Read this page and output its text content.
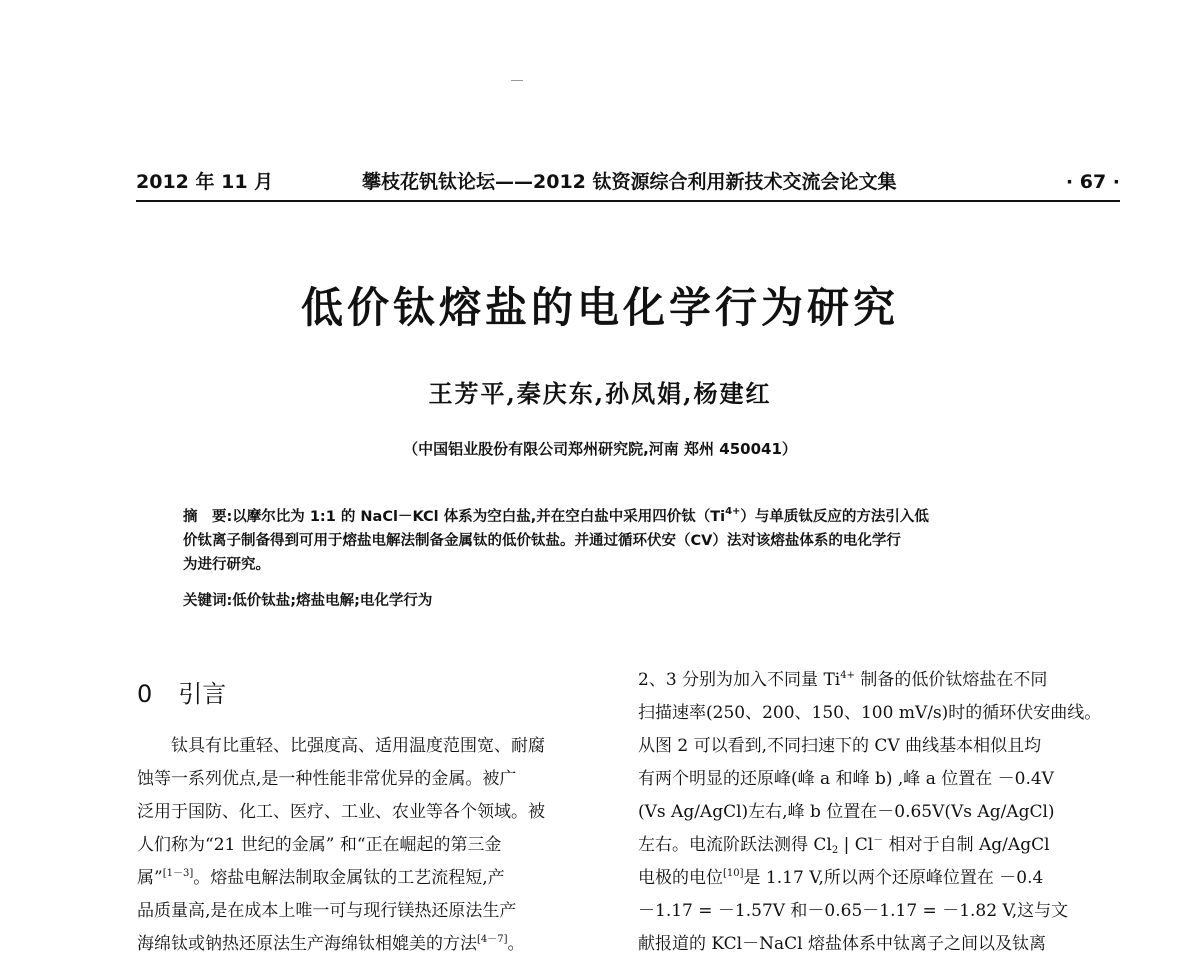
2012 年 11 月	攀枝花钒钛论坛——2012 钛资源综合利用新技术交流会论文集	· 67 ·
低价钛熔盐的电化学行为研究
王芳平,秦庆东,孙凤娟,杨建红
（中国铝业股份有限公司郑州研究院,河南 郑州 450041）
摘　要:以摩尔比为 1:1 的 NaCl－KCl 体系为空白盐,并在空白盐中采用四价钛$(Ti^{4+})$与单质钛反应的方法引入低
价钛离子制备得到可用于熔盐电解法制备金属钛的低价钛盐。并通过循环伏安（CV）法对该熔盐体系的电化学行
为进行研究。
关键词:低价钛盐;熔盐电解;电化学行为
0 引言
　　钛具有比重轻、比强度高、适用温度范围宽、耐腐
蚀等一系列优点,是一种性能非常优异的金属。被广
泛用于国防、化工、医疗、工业、农业等各个领域。被
人们称为“21 世纪的金属” 和“正在崛起的第三金
属”[1－3]。熔盐电解法制取金属钛的工艺流程短,产
品质量高,是在成本上唯一可与现行镁热还原法生产
海绵钛或钠热还原法生产海绵钛相媲美的方法[4－7]。
2、3 分别为加入不同量 $Ti^{4+}$ 制备的低价钛熔盐在不同
扫描速率(250、200、150、100 mV/s)时的循环伏安曲线。
从图 2 可以看到,不同扫速下的 CV 曲线基本相似且均
有两个明显的还原峰(峰 a 和峰 b) ,峰 a 位置在 －0.4V
(Vs Ag/AgCl)左右,峰 b 位置在－0.65V(Vs Ag/AgCl)
左右。电流阶跃法测得 $Cl_2$ | Cl－ 相对于自制 Ag/AgCl
电极的电位[10]是 1.17 V,所以两个还原峰位置在 －0.4
－1.17 = －1.57V 和－0.65－1.17 = －1.82 V,这与文
献报道的 KCl－NaCl 熔盐体系中钛离子之间以及钛离
